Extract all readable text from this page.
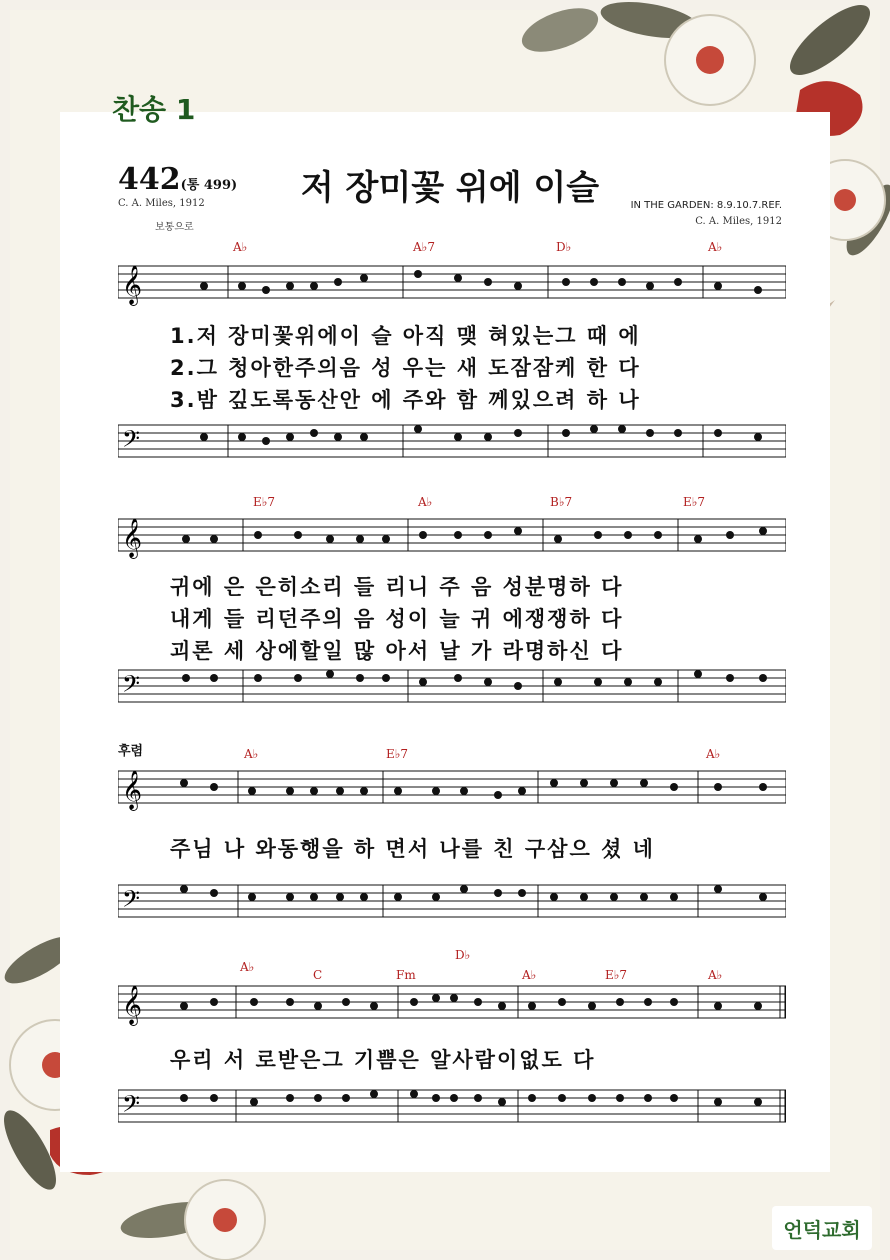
찬송 1
442(통 499)
C. A. Miles, 1912
보통으로
저 장미꽃 위에 이슬	IN THE GARDEN: 8.9.10.7.REF.
C. A. Miles, 1912
A♭	A♭7	D♭	A♭
𝄞
1.저 장미꽃위에이 슬 아직 맺 혀있는그 때 에
2.그 청아한주의음 성 우는 새 도잠잠케 한 다
3.밤 깊도록동산안 에 주와 함 께있으려 하 나
𝄢
E♭7	A♭	B♭7	E♭7
𝄞
귀에 은 은히소리 들 리니 주 음 성분명하 다
내게 들 리던주의 음 성이 늘 귀 에쟁쟁하 다
괴론 세 상에할일 많 아서 날 가 라명하신 다
𝄢
후렴	A♭	E♭7	A♭
𝄞
주님 나 와동행을 하 면서 나를 친 구삼으 셨 네
𝄢
A♭
C	Fm
D♭
A♭	E♭7	A♭
𝄞
우리 서 로받은그 기쁨은 알사람이없도 다
𝄢
언덕교회
